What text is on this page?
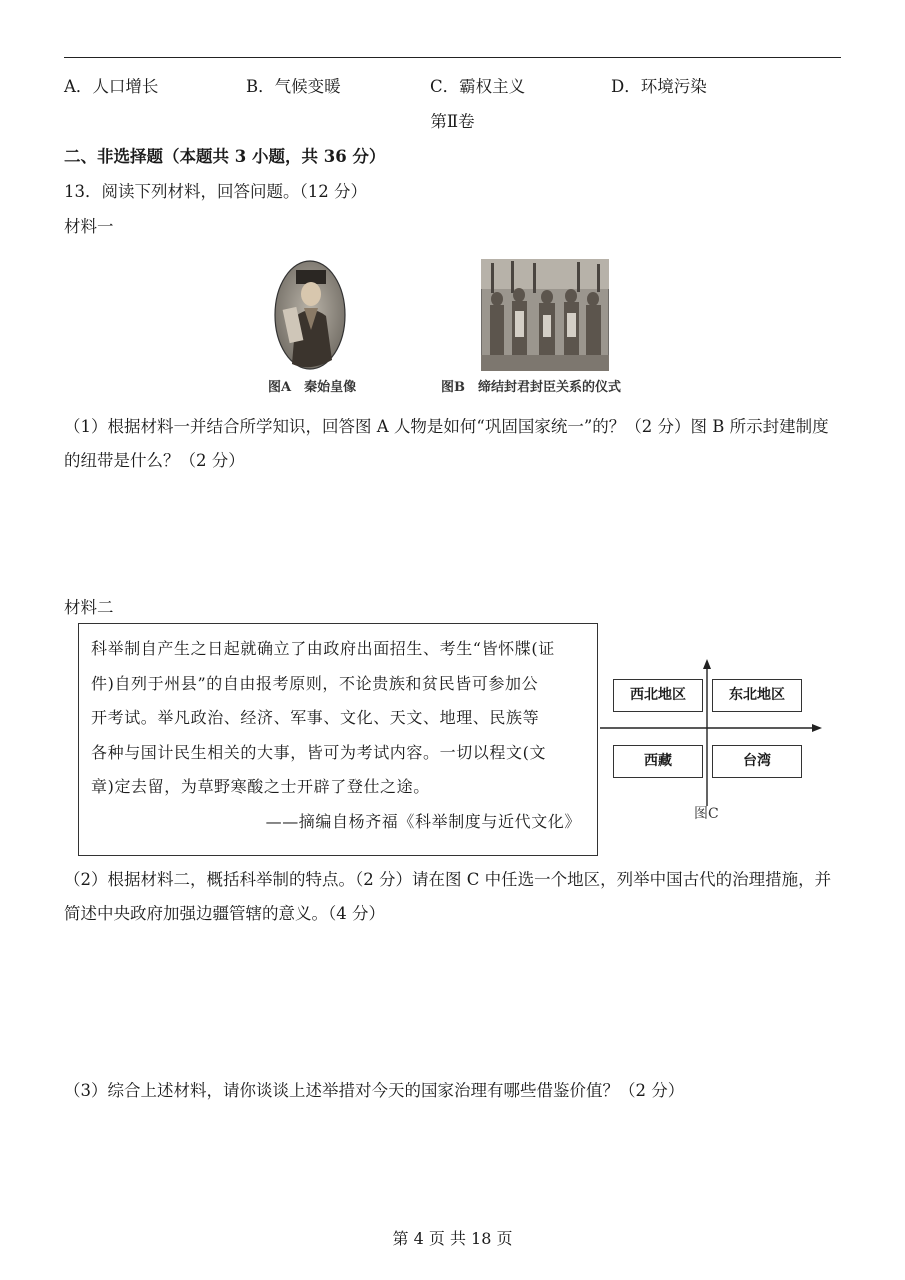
A．人口增长	B．气候变暖	C．霸权主义	D．环境污染
第Ⅱ卷
二、非选择题（本题共 3 小题，共 36 分）
13．阅读下列材料，回答问题。（12 分）
材料一
图A　秦始皇像	图B　缔结封君封臣关系的仪式
（1）根据材料一并结合所学知识，回答图 A 人物是如何“巩固国家统一”的？（2 分）图 B 所示封建制度的纽带是什么？（2 分）
材料二
科举制自产生之日起就确立了由政府出面招生、考生“皆怀牒(证
件)自列于州县”的自由报考原则，不论贵族和贫民皆可参加公
开考试。举凡政治、经济、军事、文化、天文、地理、民族等
各种与国计民生相关的大事，皆可为考试内容。一切以程文(文
章)定去留，为草野寒酸之士开辟了登仕之途。
——摘编自杨齐福《科举制度与近代文化》
西北地区	东北地区
西藏	台湾
图C
（2）根据材料二，概括科举制的特点。（2 分）请在图 C 中任选一个地区，列举中国古代的治理措施，并简述中央政府加强边疆管辖的意义。（4 分）
（3）综合上述材料，请你谈谈上述举措对今天的国家治理有哪些借鉴价值？（2 分）
第 4 页 共 18 页
